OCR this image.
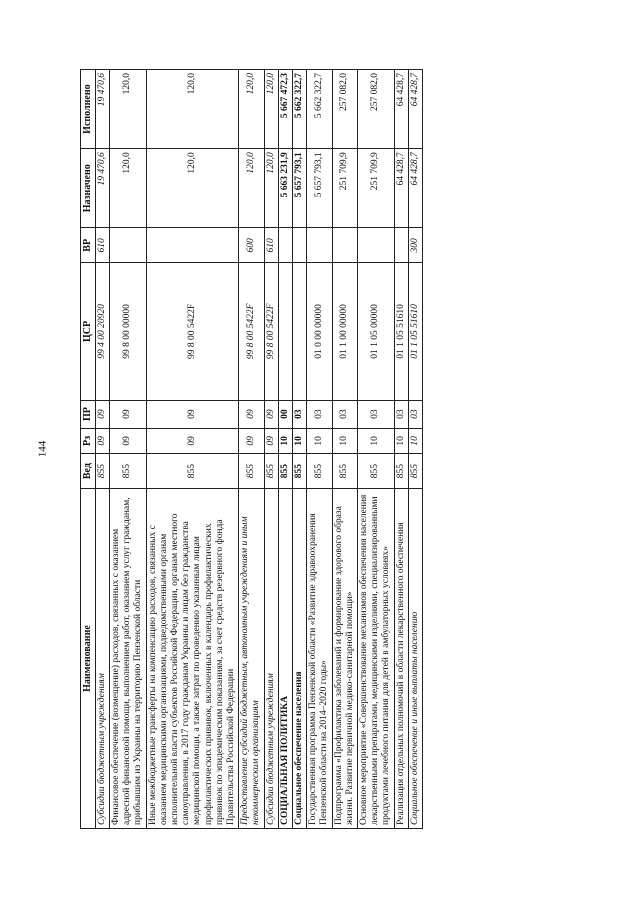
144
Наименование	Вед	Рз	ПР	ЦСР	ВР	Назначено	Исполнено
Субсидии бюджетным учреждениям	855	09	09	99 4 00 20920	610	19 470,6	19 470,6
Финансовое обеспечение (возмещение) расходов, связанных с оказанием адресной финансовой помощи, выполнением работ, оказанием услуг гражданам, прибывшим из Украины на территорию Пензенской области	855	09	09	99 8 00 00000		120,0	120,0
Иные межбюджетные трансферты на компенсацию расходов, связанных с оказанием медицинскими организациями, подведомственными органам исполнительной власти субъектов Российской Федерации, органам местного самоуправления, в 2017 году гражданам Украины и лицам без гражданства медицинской помощи, а также затрат по проведению указанным лицам профилактических прививок, включенных в календарь профилактических прививок по эпидемическим показаниям, за счет средств резервного фонда Правительства Российской Федерации	855	09	09	99 8 00 5422F		120,0	120,0
Предоставление субсидий бюджетным, автономным учреждениям и иным некоммерческим организациям	855	09	09	99 8 00 5422F	600	120,0	120,0
Субсидии бюджетным учреждениям	855	09	09	99 8 00 5422F	610	120,0	120,0
СОЦИАЛЬНАЯ ПОЛИТИКА	855	10	00			5 663 231,9	5 667 472,3
Социальное обеспечение населения	855	10	03			5 657 793,1	5 662 322,7
Государственная программа Пензенской области «Развитие здравоохранения Пензенской области на 2014–2020 годы»	855	10	03	01 0 00 00000		5 657 793,1	5 662 322,7
Подпрограмма «Профилактика заболеваний и формирование здорового образа жизни. Развитие первичной медико-санитарной помощи»	855	10	03	01 1 00 00000		251 709,9	257 082,0
Основное мероприятие «Совершенствование механизмов обеспечения населения лекарственными препаратами, медицинскими изделиями, специализированными продуктами лечебного питания для детей в амбулаторных условиях»	855	10	03	01 1 05 00000		251 709,9	257 082,0
Реализация отдельных полномочий в области лекарственного обеспечения	855	10	03	01 1 05 51610		64 428,7	64 428,7
Социальное обеспечение и иные выплаты населению	855	10	03	01 1 05 51610	300	64 428,7	64 428,7
